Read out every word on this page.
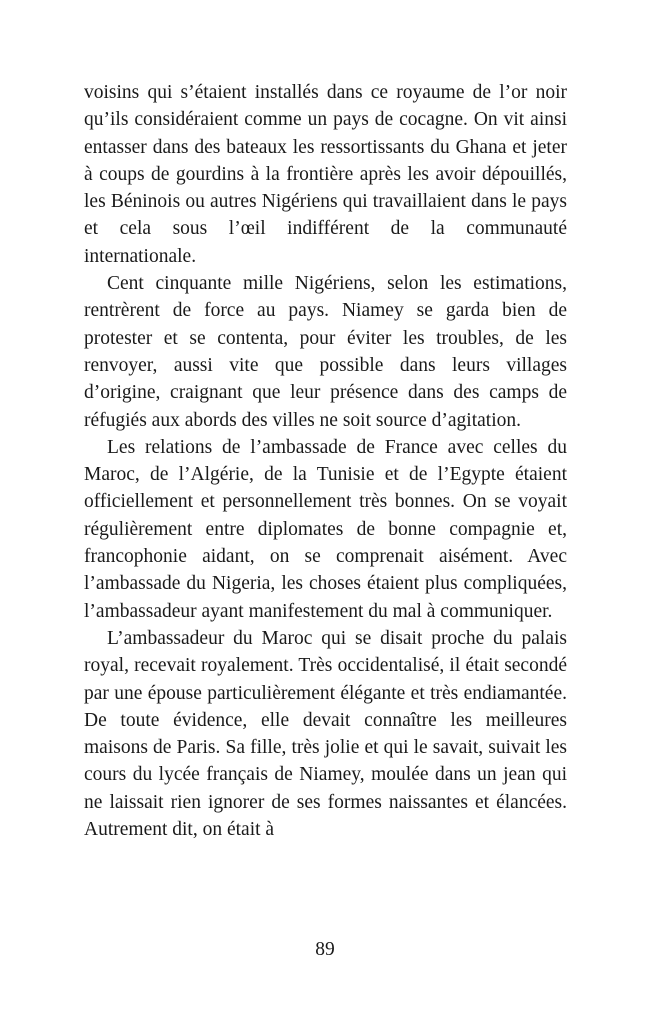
voisins qui s’étaient installés dans ce royaume de l’or noir qu’ils considéraient comme un pays de cocagne. On vit ainsi entasser dans des bateaux les ressortissants du Ghana et jeter à coups de gourdins à la frontière après les avoir dépouillés, les Béninois ou autres Nigériens qui travaillaient dans le pays et cela sous l’œil indifférent de la communauté internationale.

Cent cinquante mille Nigériens, selon les estimations, rentrèrent de force au pays. Niamey se garda bien de protester et se contenta, pour éviter les troubles, de les renvoyer, aussi vite que possible dans leurs villages d’origine, craignant que leur présence dans des camps de réfugiés aux abords des villes ne soit source d’agitation.

Les relations de l’ambassade de France avec celles du Maroc, de l’Algérie, de la Tunisie et de l’Egypte étaient officiellement et personnellement très bonnes. On se voyait régulièrement entre diplomates de bonne compagnie et, francophonie aidant, on se comprenait aisément. Avec l’ambassade du Nigeria, les choses étaient plus compliquées, l’ambassadeur ayant manifestement du mal à communiquer.

L’ambassadeur du Maroc qui se disait proche du palais royal, recevait royalement. Très occidentalisé, il était secondé par une épouse particulièrement élégante et très endiamantée. De toute évidence, elle devait connaître les meilleures maisons de Paris. Sa fille, très jolie et qui le savait, suivait les cours du lycée français de Niamey, moulée dans un jean qui ne laissait rien ignorer de ses formes naissantes et élancées. Autrement dit, on était à

89
